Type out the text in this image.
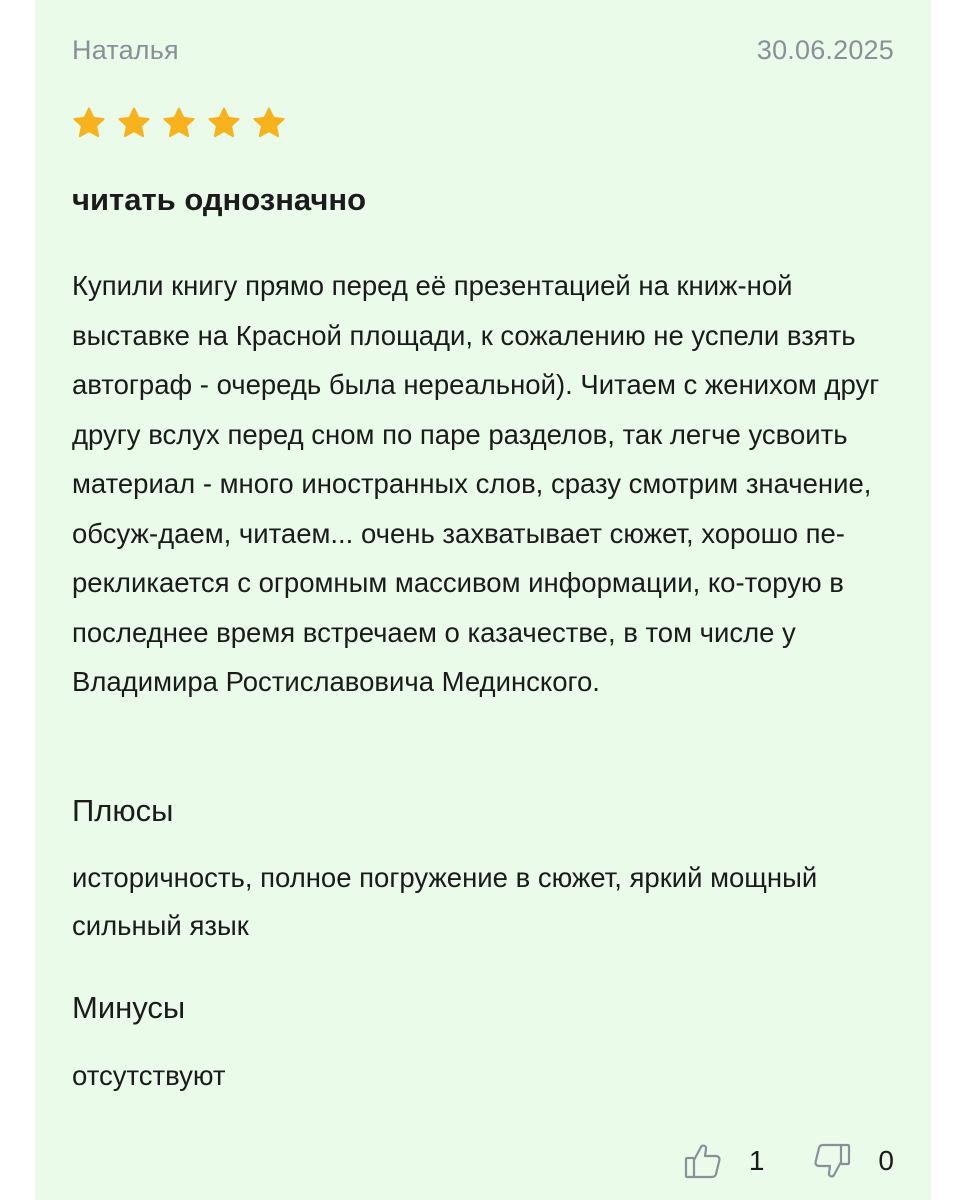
Наталья	30.06.2025
читать однозначно

Купили книгу прямо перед её презентацией на книж-ной выставке на Красной площади, к сожалению не успели взять автограф - очередь была нереальной). Читаем с женихом друг другу вслух перед сном по паре разделов, так легче усвоить материал - много иностранных слов, сразу смотрим значение, обсуж-даем, читаем... очень захватывает сюжет, хорошо пе-рекликается с огромным массивом информации, ко-торую в последнее время встречаем о казачестве, в том числе у Владимира Ростиславовича Мединского.

Плюсы

историчность, полное погружение в сюжет, яркий мощный сильный язык

Минусы

отсутствуют

1	0
